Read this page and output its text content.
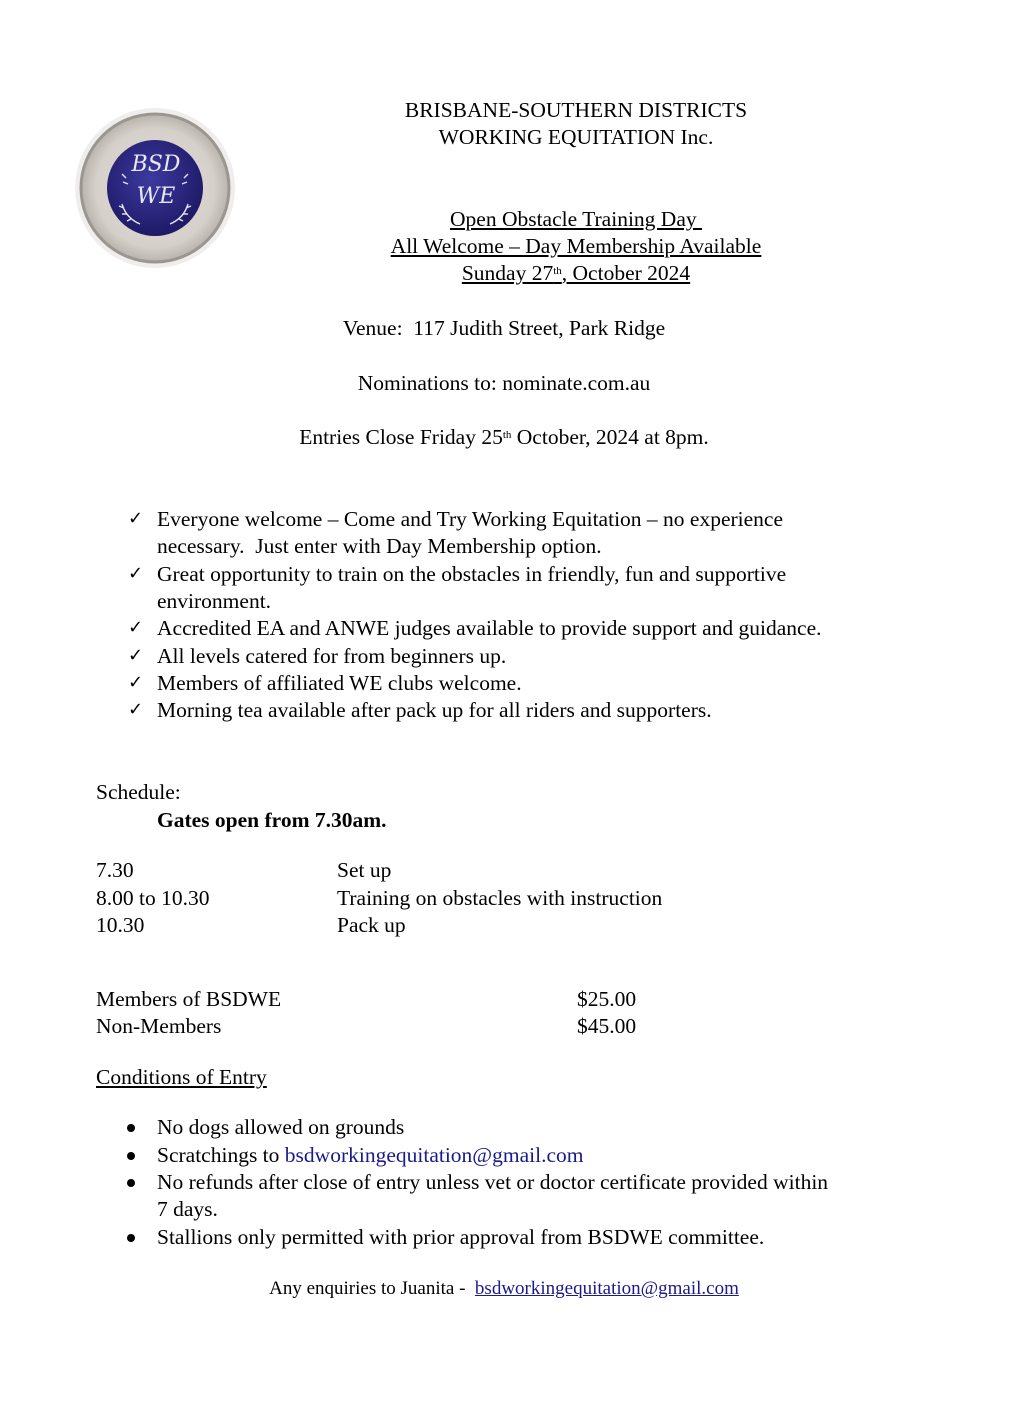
BSD
WE
BRISBANE-SOUTHERN DISTRICTS
WORKING EQUITATION Inc.
Open Obstacle Training Day
All Welcome – Day Membership Available
Sunday 27th, October 2024
Venue:  117 Judith Street, Park Ridge
Nominations to: nominate.com.au
Entries Close Friday 25th October, 2024 at 8pm.
✓ Everyone welcome – Come and Try Working Equitation – no experience
necessary.  Just enter with Day Membership option.
✓ Great opportunity to train on the obstacles in friendly, fun and supportive
environment.
✓ Accredited EA and ANWE judges available to provide support and guidance.
✓ All levels catered for from beginners up.
✓ Members of affiliated WE clubs welcome.
✓ Morning tea available after pack up for all riders and supporters.
Schedule:
Gates open from 7.30am.
7.30	Set up
8.00 to 10.30	Training on obstacles with instruction
10.30	Pack up
Members of BSDWE	$25.00
Non-Members	$45.00
Conditions of Entry
No dogs allowed on grounds
Scratchings to bsdworkingequitation@gmail.com
No refunds after close of entry unless vet or doctor certificate provided within
7 days.
Stallions only permitted with prior approval from BSDWE committee.
Any enquiries to Juanita -  bsdworkingequitation@gmail.com
